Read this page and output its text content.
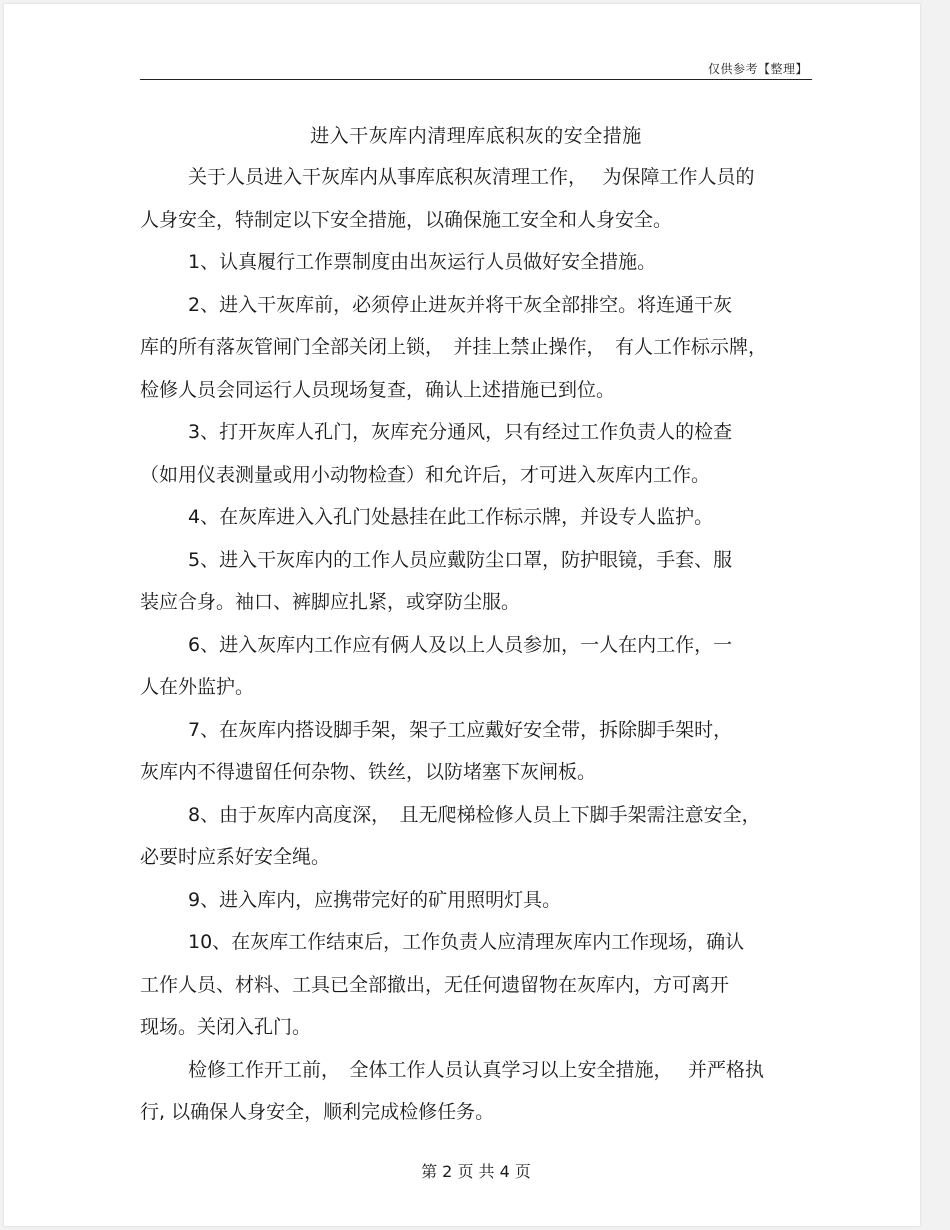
仅供参考【整理】
进入干灰库内清理库底积灰的安全措施

关于人员进入干灰库内从事库底积灰清理工作，　 为保障工作人员的

人身安全，特制定以下安全措施，以确保施工安全和人身安全。

1、认真履行工作票制度由出灰运行人员做好安全措施。

2、进入干灰库前，必须停止进灰并将干灰全部排空。将连通干灰

库的所有落灰管闸门全部关闭上锁，　并挂上禁止操作，　有人工作标示牌，

检修人员会同运行人员现场复查，确认上述措施已到位。

3、打开灰库人孔门，灰库充分通风，只有经过工作负责人的检查

（如用仪表测量或用小动物检查）和允许后，才可进入灰库内工作。

4、在灰库进入入孔门处悬挂在此工作标示牌，并设专人监护。

5、进入干灰库内的工作人员应戴防尘口罩，防护眼镜，手套、服

装应合身。袖口、裤脚应扎紧，或穿防尘服。

6、进入灰库内工作应有俩人及以上人员参加，一人在内工作，一

人在外监护。

7、在灰库内搭设脚手架，架子工应戴好安全带，拆除脚手架时，

灰库内不得遗留任何杂物、铁丝，以防堵塞下灰闸板。

8、由于灰库内高度深，　且无爬梯检修人员上下脚手架需注意安全，

必要时应系好安全绳。

9、进入库内，应携带完好的矿用照明灯具。

10、在灰库工作结束后，工作负责人应清理灰库内工作现场，确认

工作人员、材料、工具已全部撤出，无任何遗留物在灰库内，方可离开

现场。关闭入孔门。

检修工作开工前，　全体工作人员认真学习以上安全措施，　 并严格执

行, 以确保人身安全，顺利完成检修任务。

第 2 页 共 4 页
